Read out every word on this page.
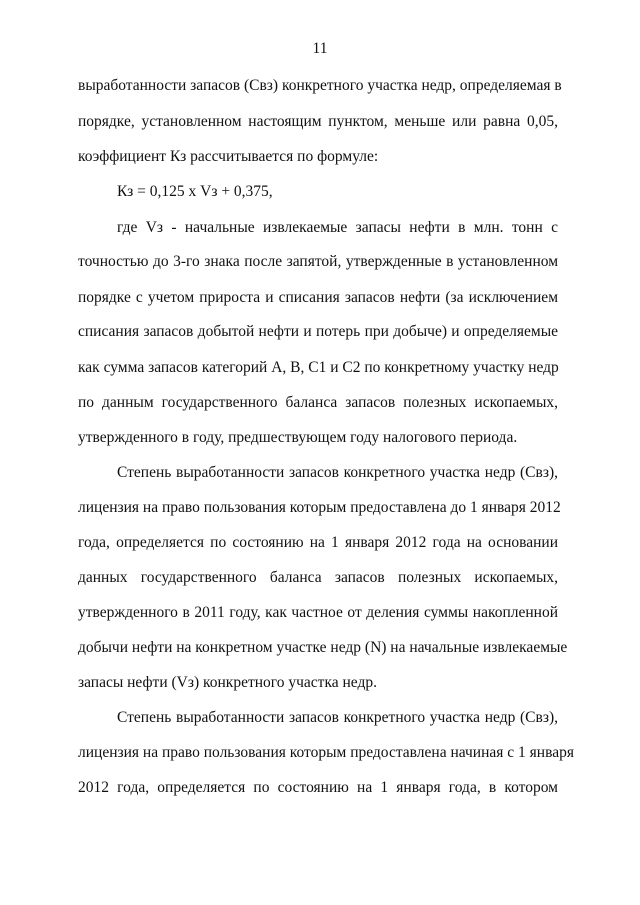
11
выработанности запасов (Свз) конкретного участка недр, определяемая в
порядке, установленном настоящим пунктом, меньше или равна 0,05,
коэффициент Кз рассчитывается по формуле:
Кз = 0,125 х Vз + 0,375,
где Vз - начальные извлекаемые запасы нефти в млн. тонн с
точностью до 3-го знака после запятой, утвержденные в установленном
порядке с учетом прироста и списания запасов нефти (за исключением
списания запасов добытой нефти и потерь при добыче) и определяемые
как сумма запасов категорий А, В, С1 и С2 по конкретному участку недр
по данным государственного баланса запасов полезных ископаемых,
утвержденного в году, предшествующем году налогового периода.
Степень выработанности запасов конкретного участка недр (Свз),
лицензия на право пользования которым предоставлена до 1 января 2012
года, определяется по состоянию на 1 января 2012 года на основании
данных государственного баланса запасов полезных ископаемых,
утвержденного в 2011 году, как частное от деления суммы накопленной
добычи нефти на конкретном участке недр (N) на начальные извлекаемые
запасы нефти (Vз) конкретного участка недр.
Степень выработанности запасов конкретного участка недр (Свз),
лицензия на право пользования которым предоставлена начиная с 1 января
2012 года, определяется по состоянию на 1 января года, в котором
